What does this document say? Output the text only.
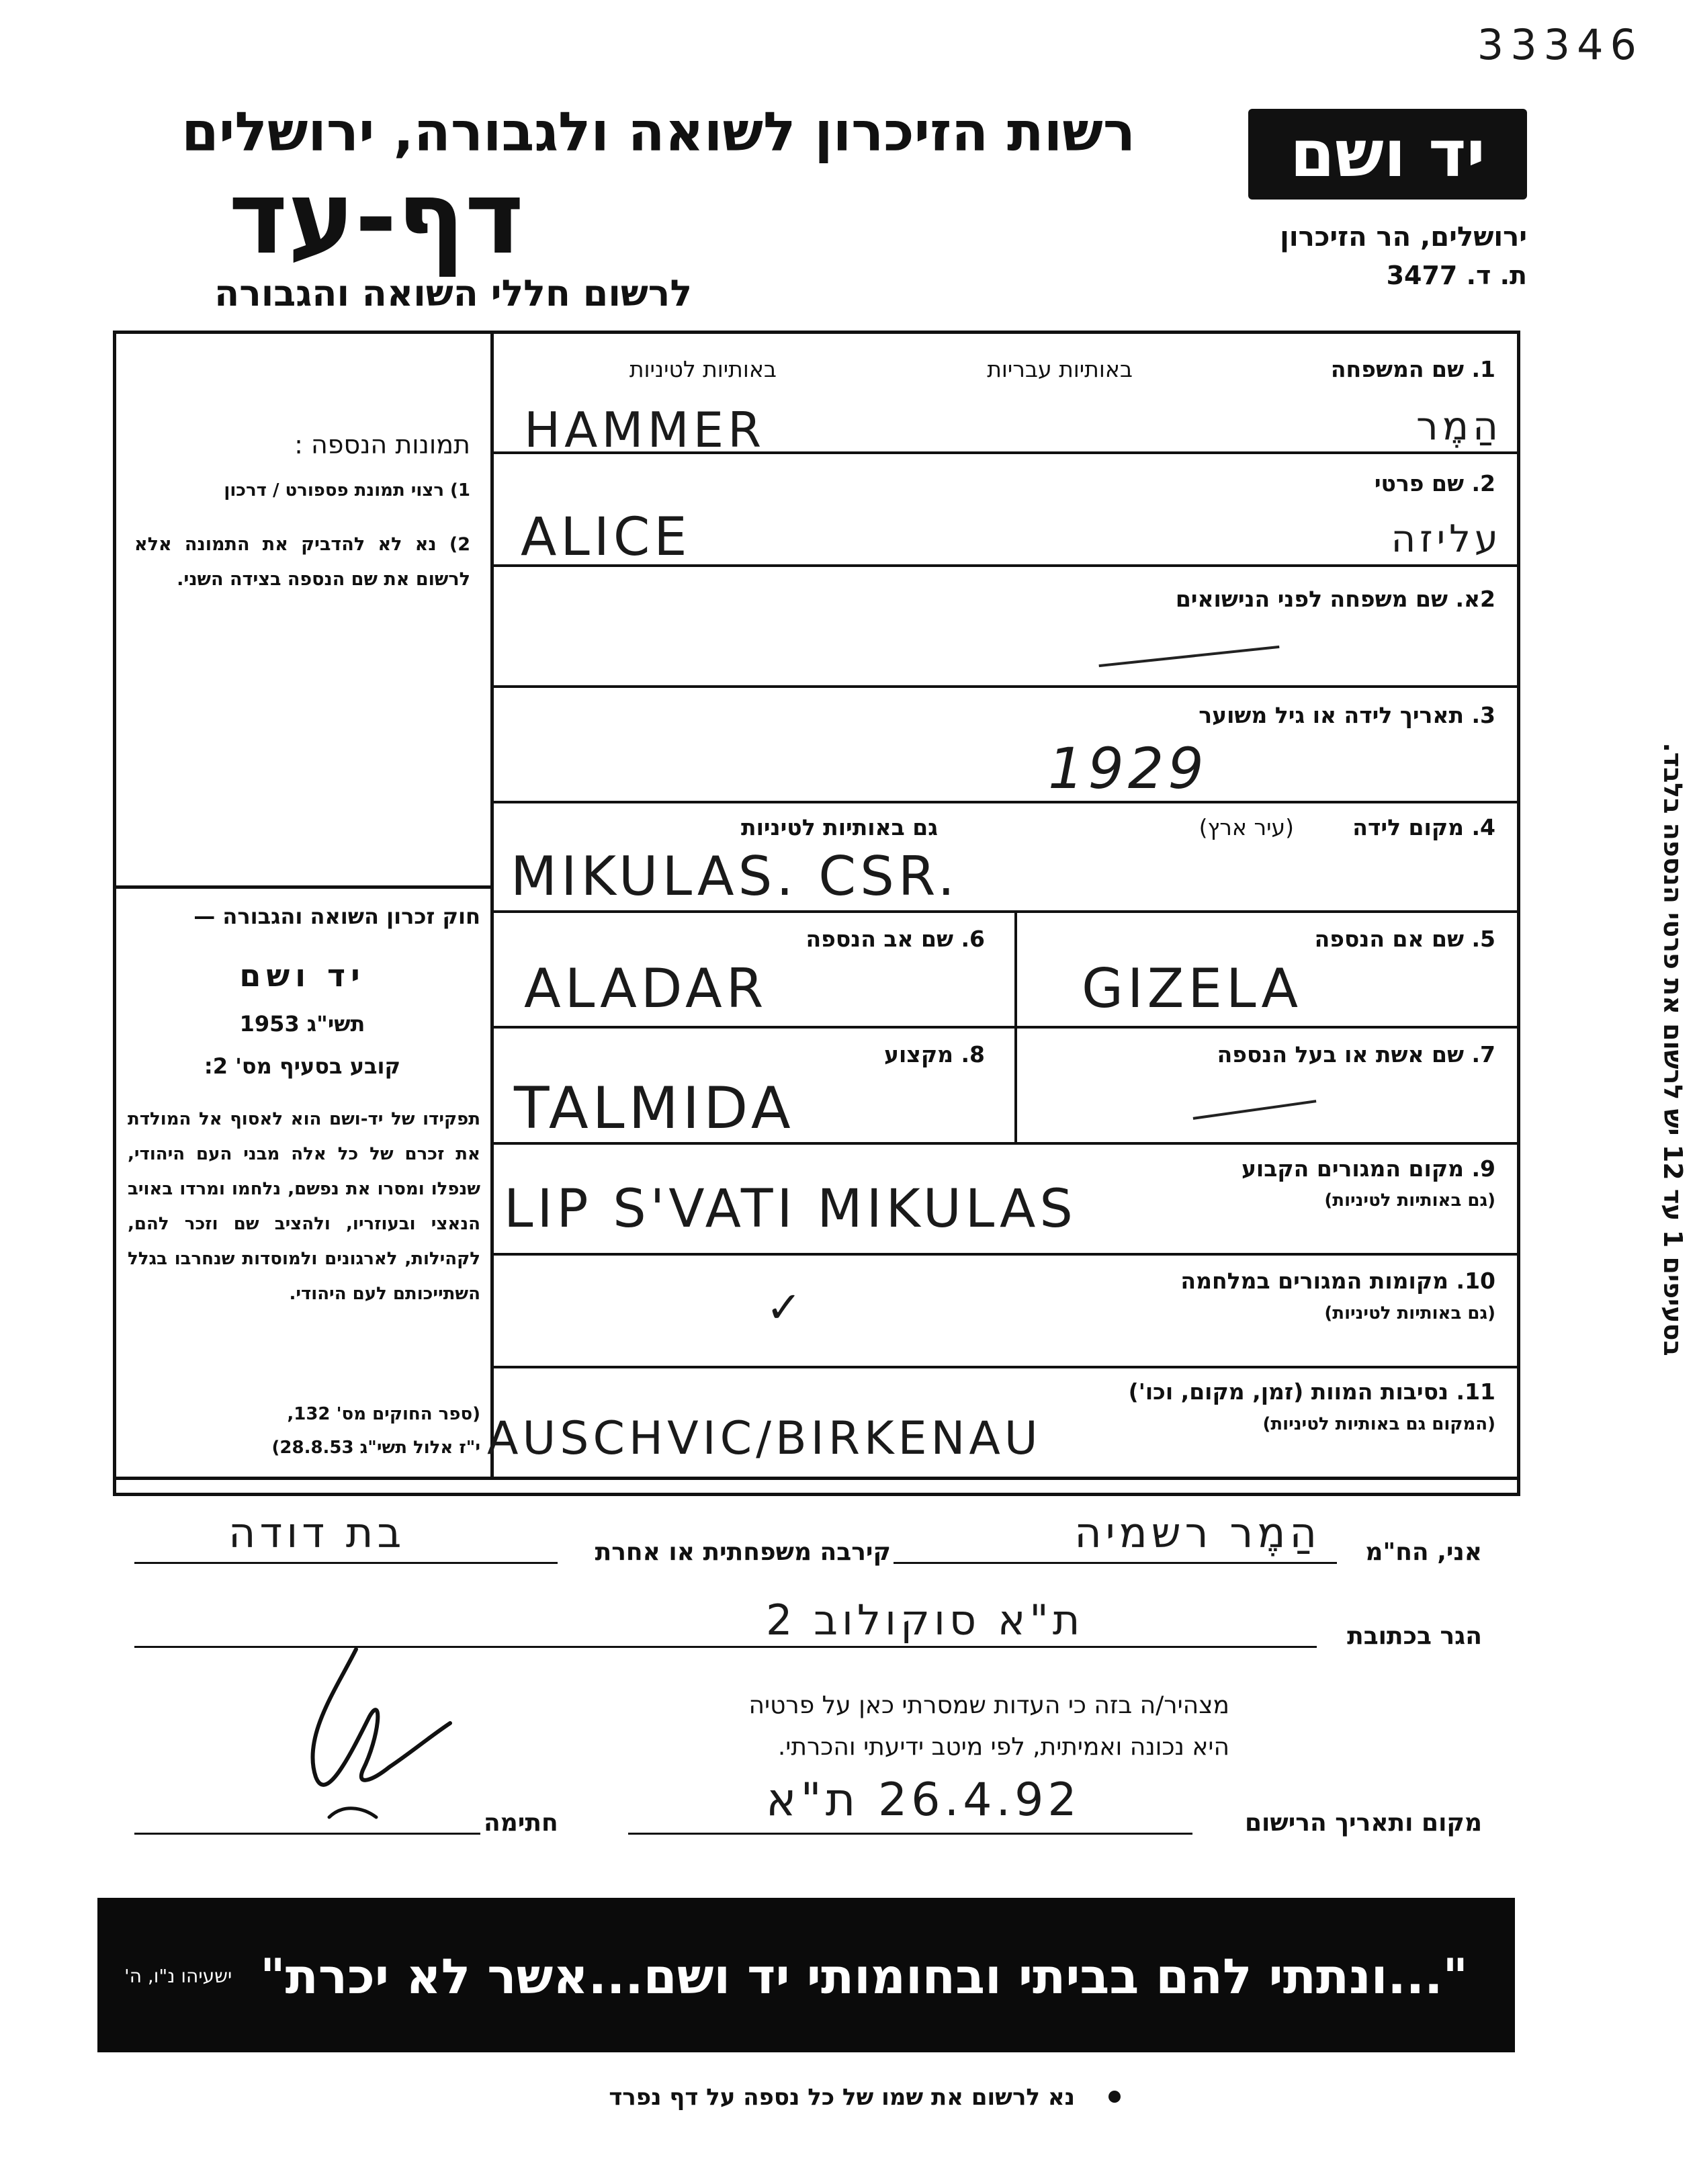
33346
רשות הזיכרון לשואה ולגבורה, ירושלים
דף-עד
לרשום חללי השואה והגבורה
יד ושם
ירושלים, הר הזיכרון
ת. ד. 3477
תמונות הנספה :
1) רצוי תמונת פספורט / דרכון
2) נא לא להדביק את התמונה אלא לרשום את שם הנספה בצידה השני.
חוק זכרון השואה והגבורה —
יד ושם
תשי"ג 1953
קובע בסעיף מס' 2:
תפקידו של יד-ושם הוא לאסוף אל המולדת את זכרם של כל אלה מבני העם היהודי, שנפלו ומסרו את נפשם, נלחמו ומרדו באויב הנאצי ובעוזריו, ולהציב שם וזכר להם, לקהילות, לארגונים ולמוסדות שנחרבו בגלל השתייכותם לעם היהודי.
(ספר החוקים מס' 132,
י"ז אלול תשי"ג 28.8.53)
בסעיפים 1 עד 12 יש לרשום את פרטי הנספה בלבד.
1. שם המשפחה
באותיות עבריות
באותיות לטיניות
HAMMER	הַמֶר
2. שם פרטי
ALICE	עליזה
2א. שם משפחה לפני הנישואים
3. תאריך לידה או גיל משוער
1929
4. מקום לידה
(עיר ארץ)
גם באותיות לטיניות
MIKULAS. CSR.
5. שם אם הנספה
GIZELA
6. שם אב הנספה
ALADAR
7. שם אשת או בעל הנספה
8. מקצוע
TALMIDA
9. מקום המגורים הקבוע
(גם באותיות לטיניות)
LIP S'VATI MIKULAS
10. מקומות המגורים במלחמה
(גם באותיות לטיניות)
✓
11. נסיבות המוות (זמן, מקום, וכו')
(המקום גם באותיות לטיניות)
AUSCHVIC/BIRKENAU
אני, הח"מ
הַמֶר רשמיה
קירבה משפחתית או אחרת
בת דודה
הגר בכתובת
ת"א סוקולוב 2
מצהיר/ה בזה כי העדות שמסרתי כאן על פרטיה
היא נכונה ואמיתית, לפי מיטב ידיעתי והכרתי.
מקום ותאריך הרישום
26.4.92 ת"א
חתימה
"...ונתתי להם בביתי ובחומותי יד ושם...אשר לא יכרת"
ישעיהו נ"ו, ה'
נא לרשום את שמו של כל נספה על דף נפרד
